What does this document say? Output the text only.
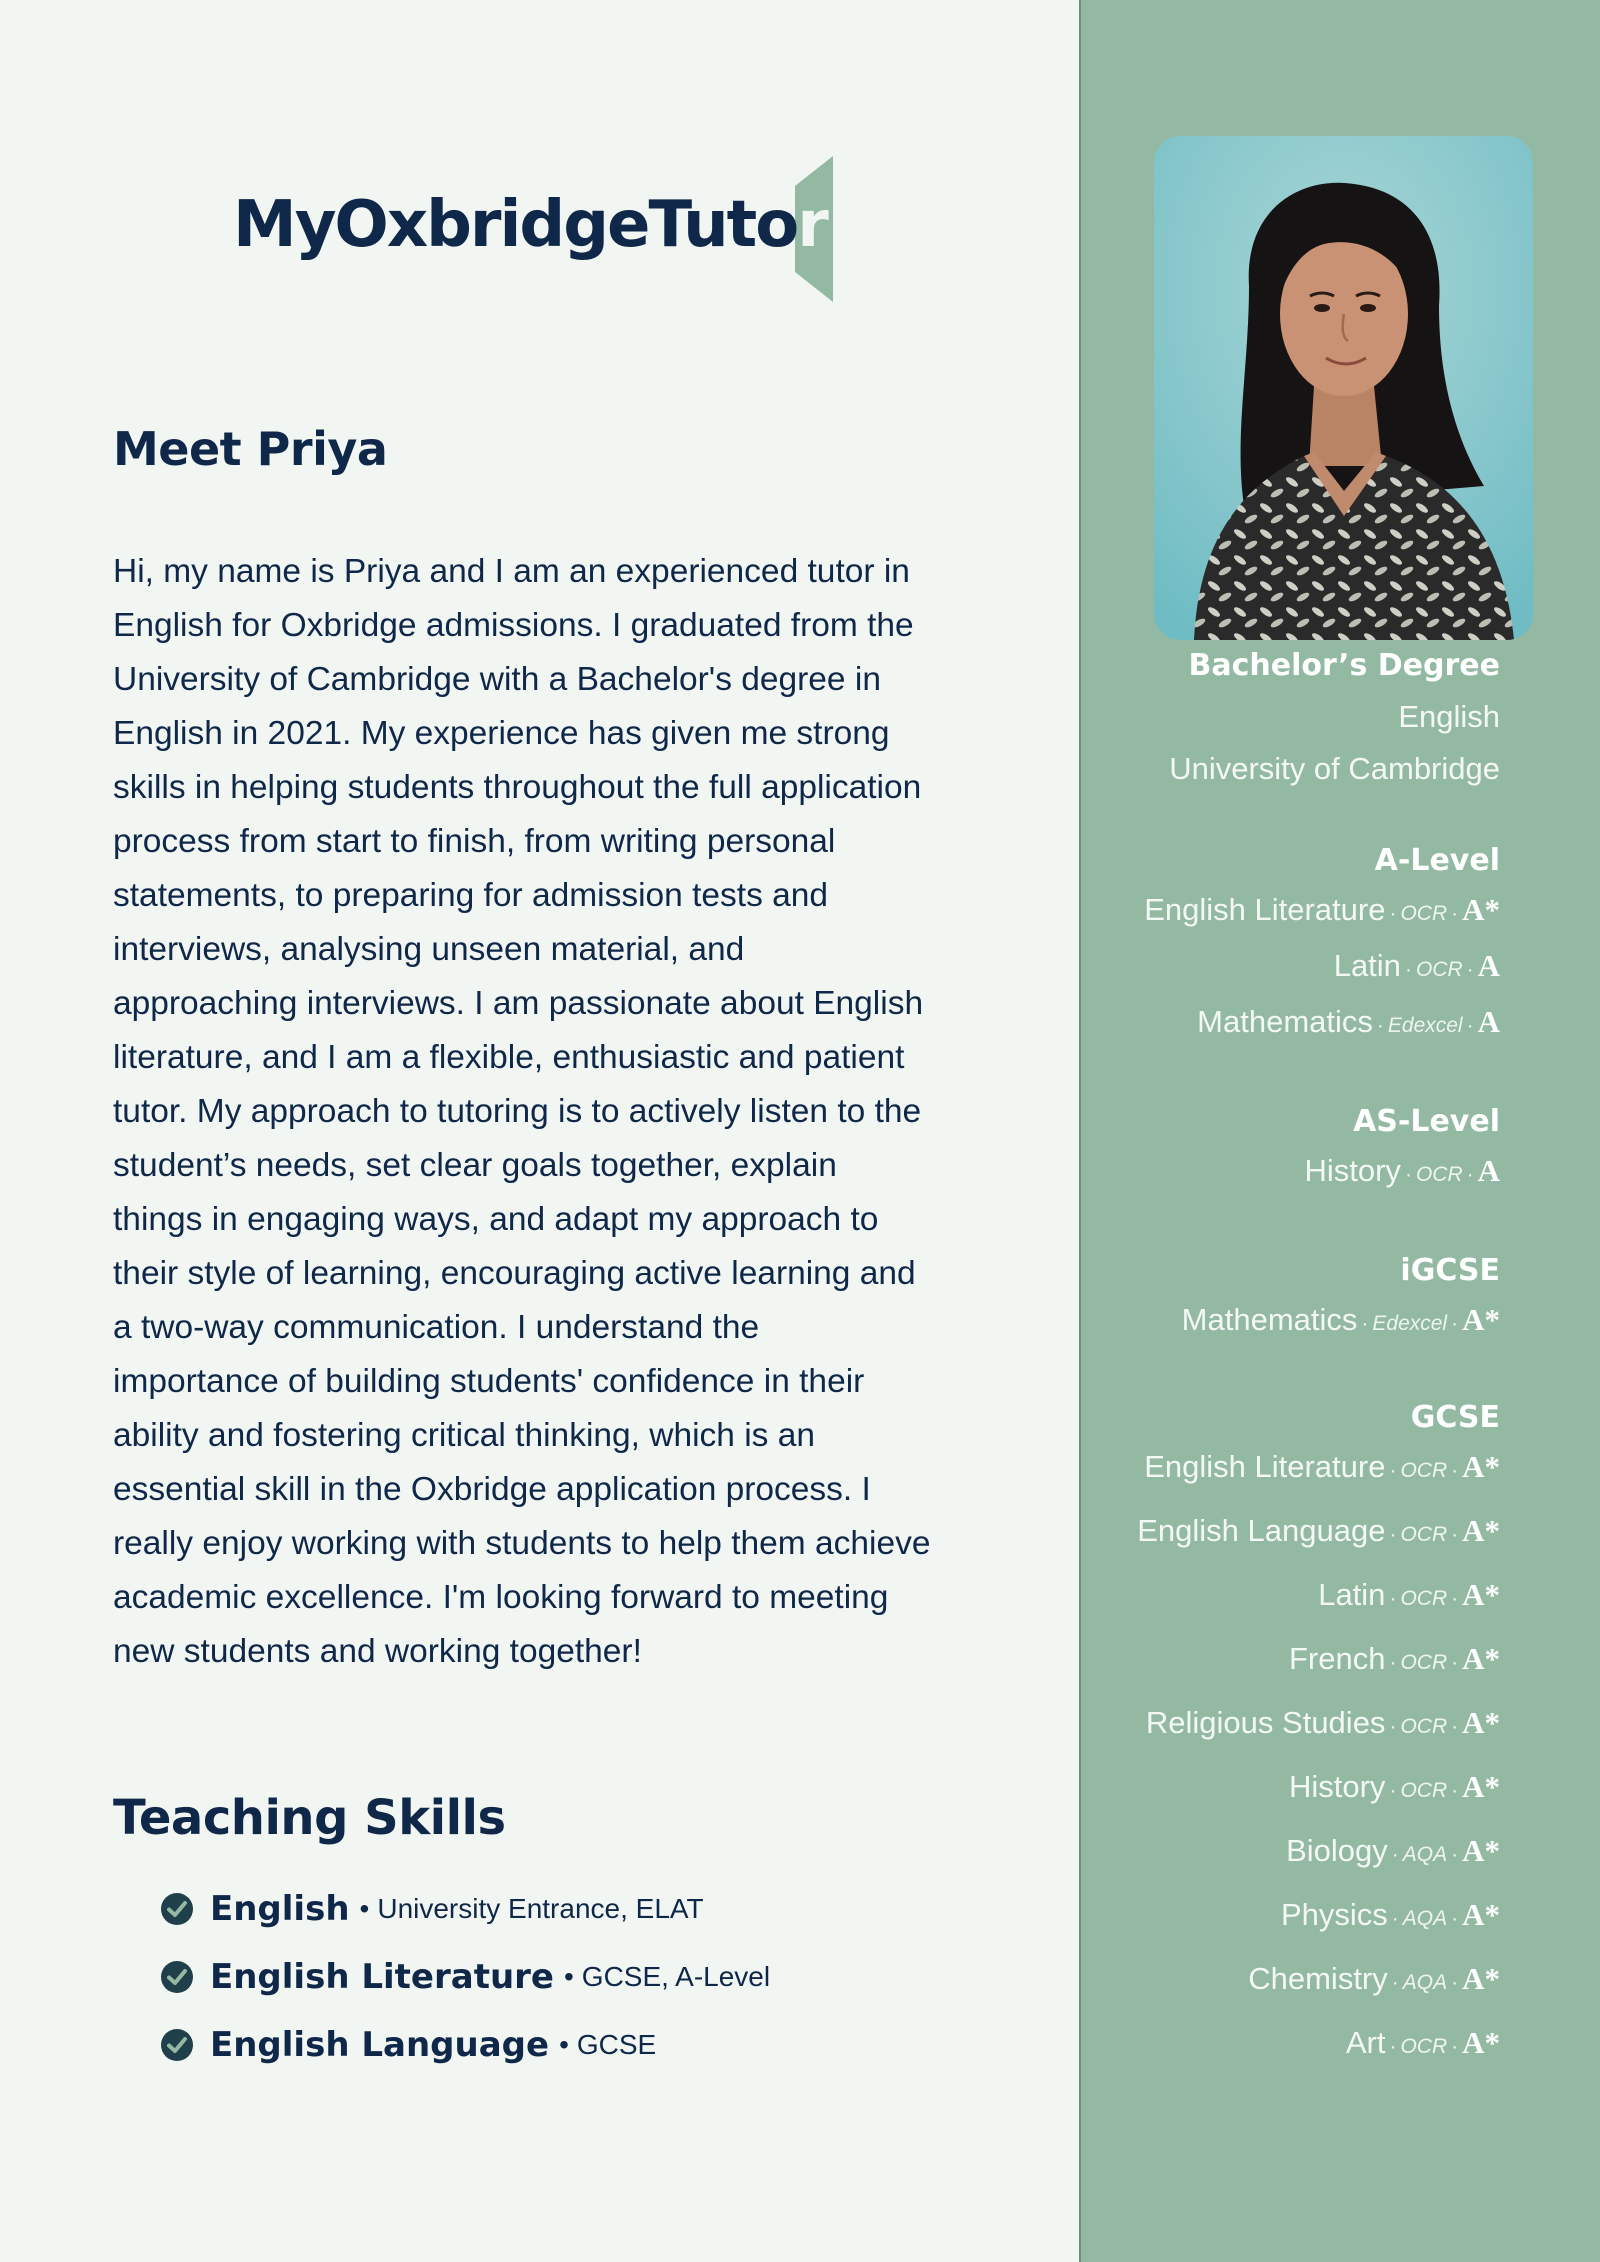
MyOxbridgeTutor
Meet Priya

Hi, my name is Priya and I am an experienced tutor in English for Oxbridge admissions. I graduated from the University of Cambridge with a Bachelor's degree in English in 2021. My experience has given me strong skills in helping students throughout the full application process from start to finish, from writing personal statements, to preparing for admission tests and interviews, analysing unseen material, and approaching interviews. I am passionate about English literature, and I am a flexible, enthusiastic and patient tutor. My approach to tutoring is to actively listen to the student’s needs, set clear goals together, explain things in engaging ways, and adapt my approach to their style of learning, encouraging active learning and a two-way communication. I understand the importance of building students' confidence in their ability and fostering critical thinking, which is an essential skill in the Oxbridge application process. I really enjoy working with students to help them achieve academic excellence. I'm looking forward to meeting new students and working together!

Teaching Skills
English • University Entrance, ELAT
English Literature • GCSE, A-Level
English Language • GCSE
Bachelor’s Degree
English
University of Cambridge
A-Level
English Literature · OCR · A*
Latin · OCR · A
Mathematics · Edexcel · A
AS-Level
History · OCR · A
iGCSE
Mathematics · Edexcel · A*
GCSE
English Literature · OCR · A*
English Language · OCR · A*
Latin · OCR · A*
French · OCR · A*
Religious Studies · OCR · A*
History · OCR · A*
Biology · AQA · A*
Physics · AQA · A*
Chemistry · AQA · A*
Art · OCR · A*
